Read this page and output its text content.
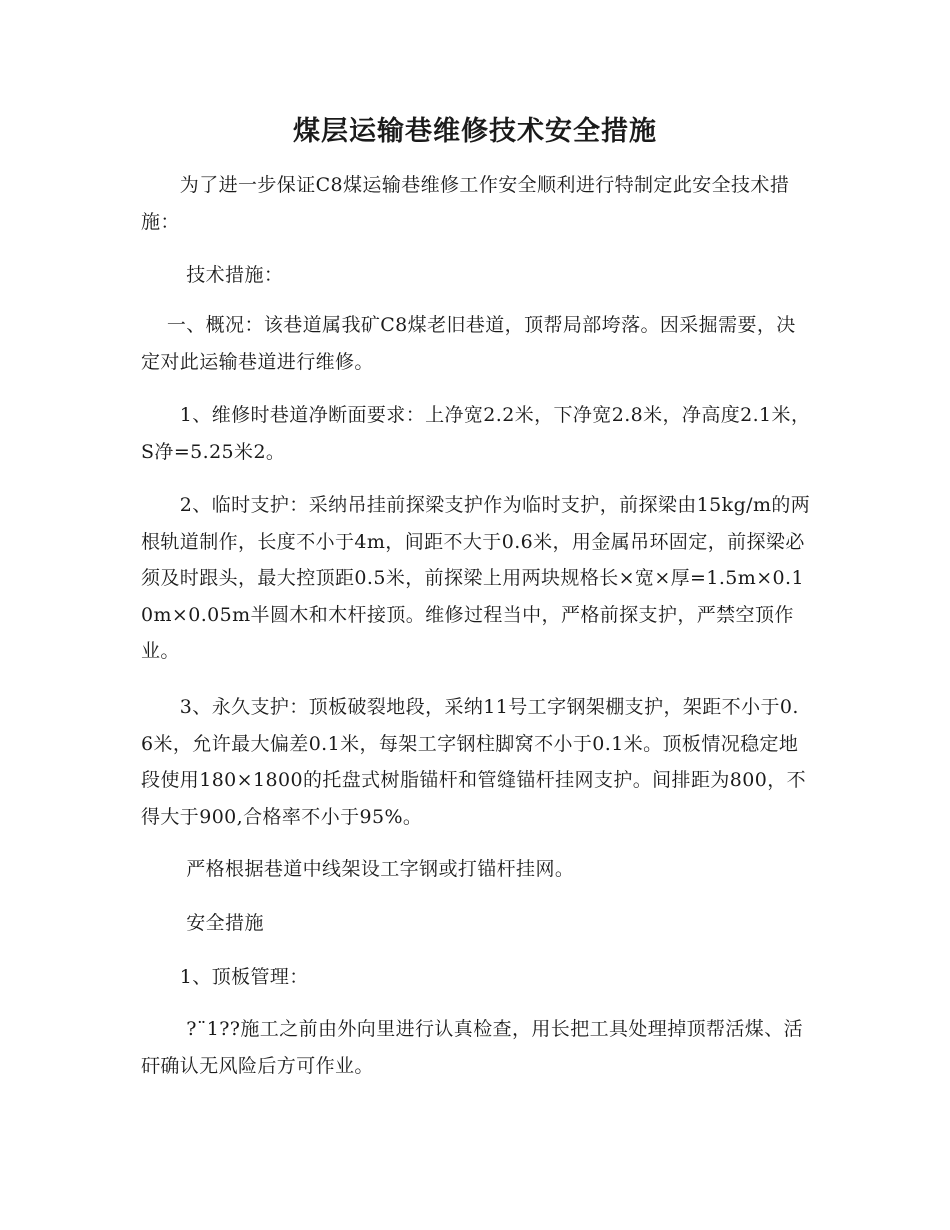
煤层运输巷维修技术安全措施

　　为了进一步保证C8煤运输巷维修工作安全顺利进行特制定此安全技术措施：

　　 技术措施：

　 一、概况：该巷道属我矿C8煤老旧巷道，顶帮局部垮落。因采掘需要，决定对此运输巷道进行维修。

　　1、维修时巷道净断面要求：上净宽2.2米，下净宽2.8米，净高度2.1米，S净=5.25米2。

　　2、临时支护：采纳吊挂前探梁支护作为临时支护，前探梁由15kg/m的两根轨道制作，长度不小于4m，间距不大于0.6米，用金属吊环固定，前探梁必须及时跟头，最大控顶距0.5米，前探梁上用两块规格长×宽×厚=1.5m×0.10m×0.05m半圆木和木杆接顶。维修过程当中，严格前探支护，严禁空顶作业。

　　3、永久支护：顶板破裂地段，采纳11号工字钢架棚支护，架距不小于0.6米，允许最大偏差0.1米，每架工字钢柱脚窝不小于0.1米。顶板情况稳定地段使用180×1800的托盘式树脂锚杆和管缝锚杆挂网支护。间排距为800，不得大于900,合格率不小于95%。

　　 严格根据巷道中线架设工字钢或打锚杆挂网。

　　 安全措施

　　1、顶板管理：

　　 ?¨1??施工之前由外向里进行认真检查，用长把工具处理掉顶帮活煤、活矸确认无风险后方可作业。
